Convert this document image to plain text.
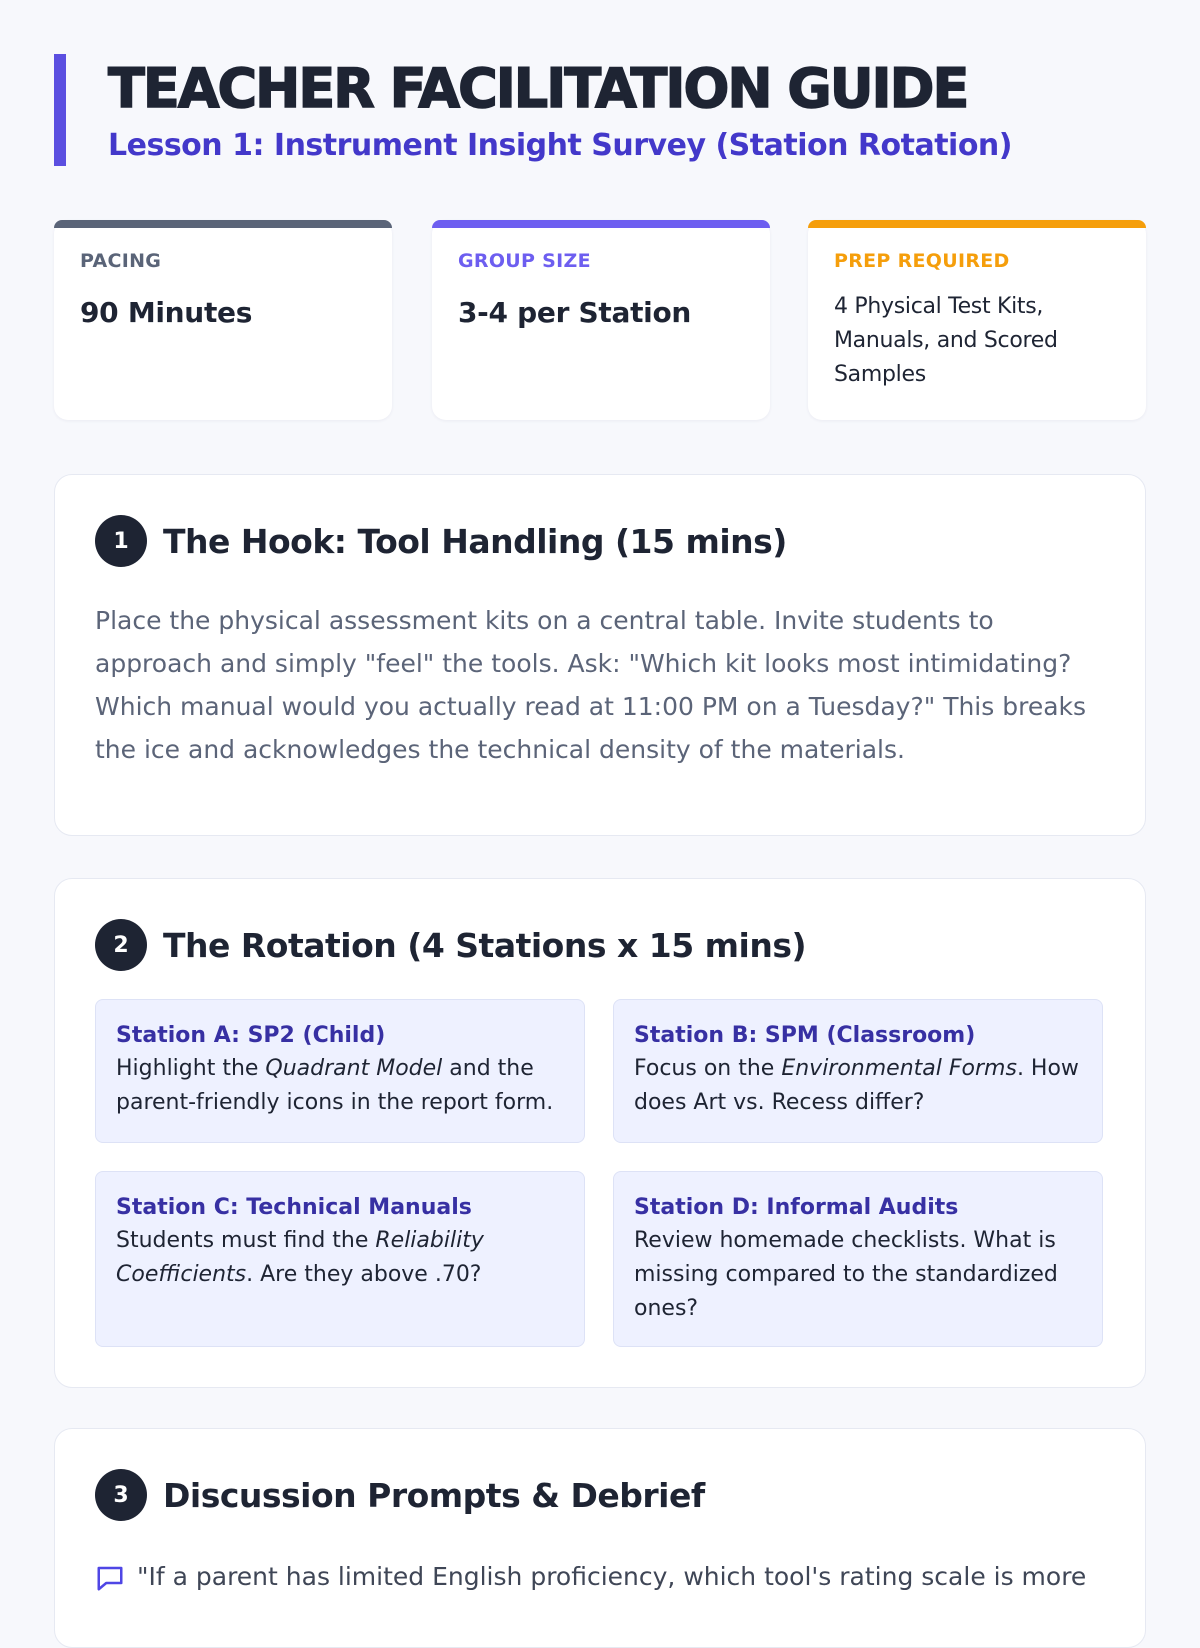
TEACHER FACILITATION GUIDE
Lesson 1: Instrument Insight Survey (Station Rotation)
PACING
90 Minutes
GROUP SIZE
3-4 per Station
PREP REQUIRED
4 Physical Test Kits, Manuals, and Scored Samples
1	The Hook: Tool Handling (15 mins)
Place the physical assessment kits on a central table. Invite students to approach and simply "feel" the tools. Ask: "Which kit looks most intimidating? Which manual would you actually read at 11:00 PM on a Tuesday?" This breaks the ice and acknowledges the technical density of the materials.
2	The Rotation (4 Stations x 15 mins)
Station A: SP2 (Child)
Highlight the Quadrant Model and the parent-friendly icons in the report form.
Station B: SPM (Classroom)
Focus on the Environmental Forms. How does Art vs. Recess differ?
Station C: Technical Manuals
Students must find the Reliability Coefficients. Are they above .70?
Station D: Informal Audits
Review homemade checklists. What is missing compared to the standardized ones?
3	Discussion Prompts & Debrief
"If a parent has limited English proficiency, which tool's rating scale is more
